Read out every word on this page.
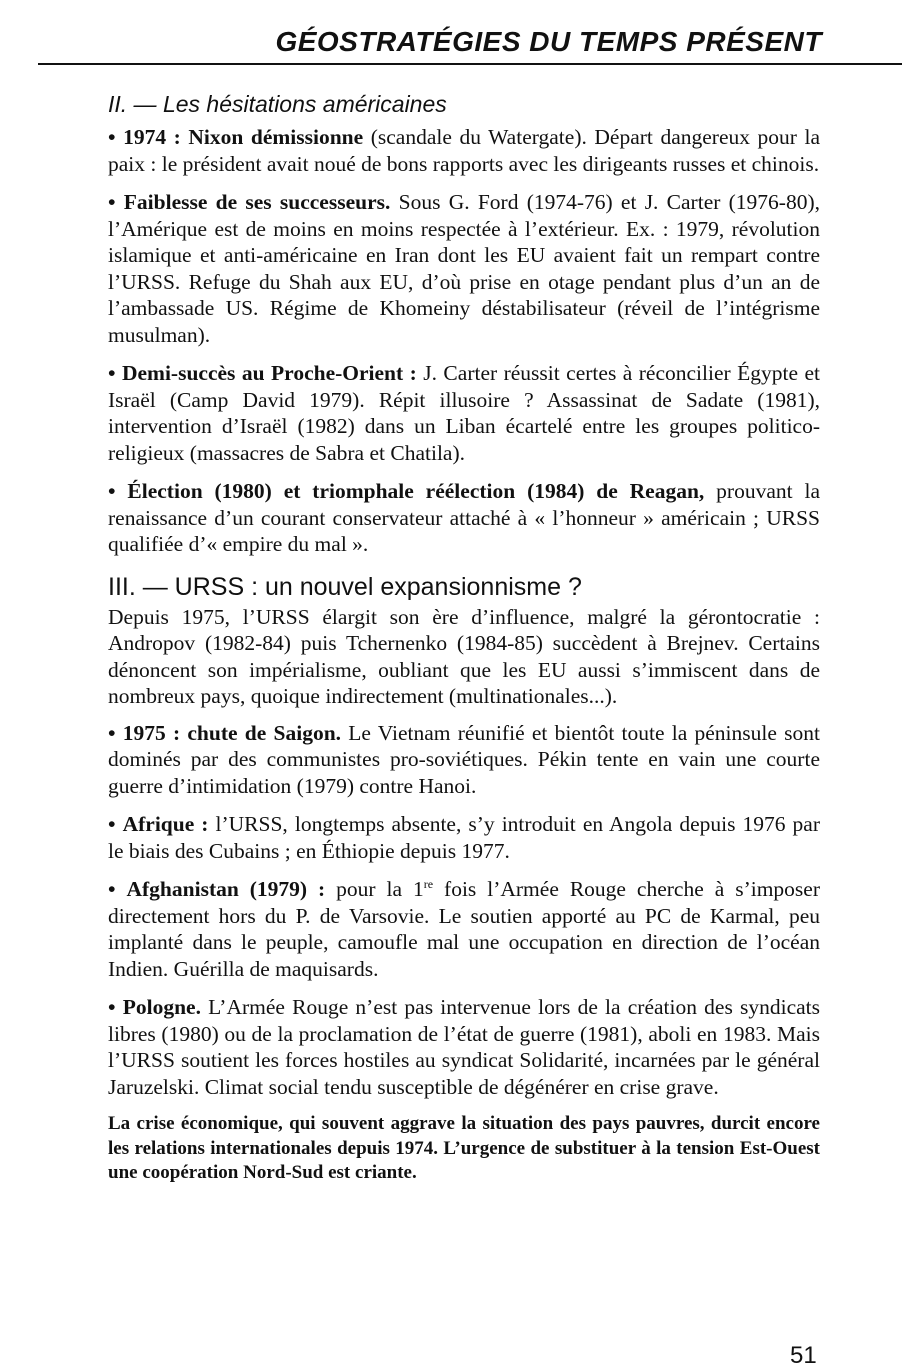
GÉOSTRATÉGIES DU TEMPS PRÉSENT
II. — Les hésitations américaines

• 1974 : Nixon démissionne (scandale du Watergate). Départ dangereux pour la paix : le président avait noué de bons rapports avec les dirigeants russes et chinois.

• Faiblesse de ses successeurs. Sous G. Ford (1974-76) et J. Carter (1976-80), l’Amérique est de moins en moins respectée à l’extérieur. Ex. : 1979, révolution islamique et anti-américaine en Iran dont les EU avaient fait un rempart contre l’URSS. Refuge du Shah aux EU, d’où prise en otage pendant plus d’un an de l’ambassade US. Régime de Khomeiny déstabilisateur (réveil de l’intégrisme musulman).

• Demi-succès au Proche-Orient : J. Carter réussit certes à réconcilier Égypte et Israël (Camp David 1979). Répit illusoire ? Assassinat de Sadate (1981), intervention d’Israël (1982) dans un Liban écartelé entre les groupes politico-religieux (massacres de Sabra et Chatila).

• Élection (1980) et triomphale réélection (1984) de Reagan, prouvant la renaissance d’un courant conservateur attaché à « l’honneur » américain ; URSS qualifiée d’« empire du mal ».

III. — URSS : un nouvel expansionnisme ?

Depuis 1975, l’URSS élargit son ère d’influence, malgré la gérontocratie : Andropov (1982-84) puis Tchernenko (1984-85) succèdent à Brejnev. Certains dénoncent son impérialisme, oubliant que les EU aussi s’immiscent dans de nombreux pays, quoique indirectement (multinationales...).

• 1975 : chute de Saigon. Le Vietnam réunifié et bientôt toute la péninsule sont dominés par des communistes pro-soviétiques. Pékin tente en vain une courte guerre d’intimidation (1979) contre Hanoi.

• Afrique : l’URSS, longtemps absente, s’y introduit en Angola depuis 1976 par le biais des Cubains ; en Éthiopie depuis 1977.

• Afghanistan (1979) : pour la 1re fois l’Armée Rouge cherche à s’imposer directement hors du P. de Varsovie. Le soutien apporté au PC de Karmal, peu implanté dans le peuple, camoufle mal une occupation en direction de l’océan Indien. Guérilla de maquisards.

• Pologne. L’Armée Rouge n’est pas intervenue lors de la création des syndicats libres (1980) ou de la proclamation de l’état de guerre (1981), aboli en 1983. Mais l’URSS soutient les forces hostiles au syndicat Solidarité, incarnées par le général Jaruzelski. Climat social tendu susceptible de dégénérer en crise grave.

La crise économique, qui souvent aggrave la situation des pays pauvres, durcit encore les relations internationales depuis 1974. L’urgence de substituer à la tension Est-Ouest une coopération Nord-Sud est criante.

51
